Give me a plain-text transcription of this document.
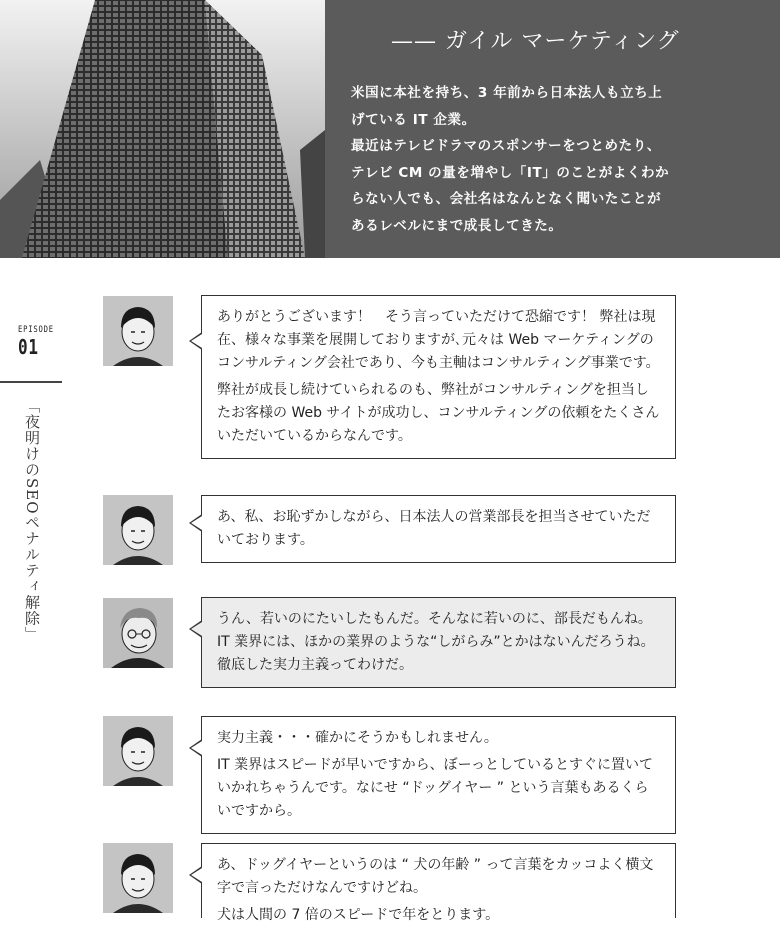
—— ガイル マーケティング
米国に本社を持ち、3 年前から日本法人も立ち上
げている IT 企業。
最近はテレビドラマのスポンサーをつとめたり、
テレビ CM の量を増やし「IT」のことがよくわか
らない人でも、会社名はなんとなく聞いたことが
あるレベルにまで成長してきた。
EPISODE
01
「夜明けのSEOペナルティ解除」

ありがとうございます！　そう言っていただけて恐縮です！ 弊社は現在、様々な事業を展開しておりますが､元々は Web マーケティングのコンサルティング会社であり、今も主軸はコンサルティング事業です。

弊社が成長し続けていられるのも、弊社がコンサルティングを担当したお客様の Web サイトが成功し、コンサルティングの依頼をたくさんいただいているからなんです。

あ、私、お恥ずかしながら、日本法人の営業部長を担当させていただいております。

うん、若いのにたいしたもんだ。そんなに若いのに、部長だもんね。IT 業界には、ほかの業界のような“しがらみ”とかはないんだろうね。徹底した実力主義ってわけだ。

実力主義・・・確かにそうかもしれません。

IT 業界はスピードが早いですから、ぼーっとしているとすぐに置いていかれちゃうんです。なにせ “ドッグイヤー ” という言葉もあるくらいですから。

あ、ドッグイヤーというのは “ 犬の年齢 ” って言葉をカッコよく横文字で言っただけなんですけどね。

犬は人間の 7 倍のスピードで年をとります。
